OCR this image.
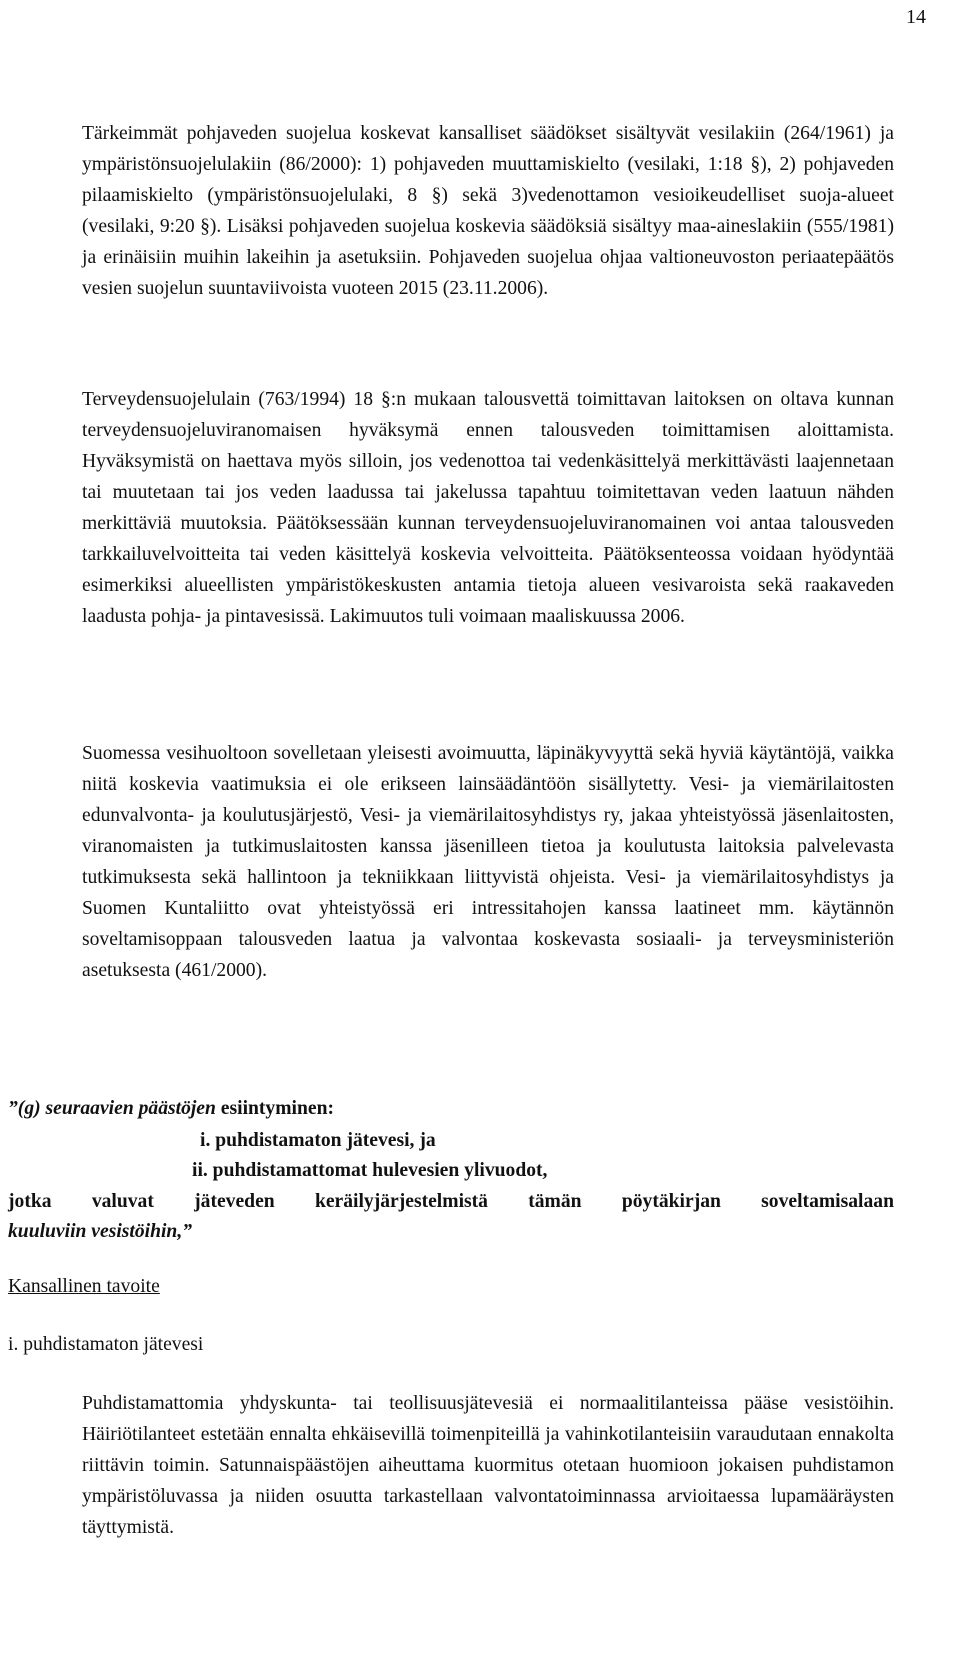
14

Tärkeimmät pohjaveden suojelua koskevat kansalliset säädökset sisältyvät vesilakiin (264/1961) ja ympäristönsuojelulakiin (86/2000): 1) pohjaveden muuttamiskielto (vesilaki, 1:18 §), 2) pohjaveden pilaamiskielto (ympäristönsuojelulaki, 8 §) sekä 3)vedenottamon vesioikeudelliset suoja-alueet (vesilaki, 9:20 §). Lisäksi pohjaveden suojelua koskevia säädöksiä sisältyy maa-aineslakiin (555/1981) ja erinäisiin muihin lakeihin ja asetuksiin. Pohjaveden suojelua ohjaa valtioneuvoston periaatepäätös vesien suojelun suuntaviivoista vuoteen 2015 (23.11.2006).

Terveydensuojelulain (763/1994) 18 §:n mukaan talousvettä toimittavan laitoksen on oltava kunnan terveydensuojeluviranomaisen hyväksymä ennen talousveden toimittamisen aloittamista. Hyväksymistä on haettava myös silloin, jos vedenottoa tai vedenkäsittelyä merkittävästi laajennetaan tai muutetaan tai jos veden laadussa tai jakelussa tapahtuu toimitettavan veden laatuun nähden merkittäviä muutoksia. Päätöksessään kunnan terveydensuojeluviranomainen voi antaa talousveden tarkkailuvelvoitteita tai veden käsittelyä koskevia velvoitteita. Päätöksenteossa voidaan hyödyntää esimerkiksi alueellisten ympäristökeskusten antamia tietoja alueen vesivaroista sekä raakaveden laadusta pohja- ja pintavesissä. Lakimuutos tuli voimaan maaliskuussa 2006.

Suomessa vesihuoltoon sovelletaan yleisesti avoimuutta, läpinäkyvyyttä sekä hyviä käytäntöjä, vaikka niitä koskevia vaatimuksia ei ole erikseen lainsäädäntöön sisällytetty. Vesi- ja viemärilaitosten edunvalvonta- ja koulutusjärjestö, Vesi- ja viemärilaitosyhdistys ry, jakaa yhteistyössä jäsenlaitosten, viranomaisten ja tutkimuslaitosten kanssa jäsenilleen tietoa ja koulutusta laitoksia palvelevasta tutkimuksesta sekä hallintoon ja tekniikkaan liittyvistä ohjeista. Vesi- ja viemärilaitosyhdistys ja Suomen Kuntaliitto ovat yhteistyössä eri intressitahojen kanssa laatineet mm. käytännön soveltamisoppaan talousveden laatua ja valvontaa koskevasta sosiaali- ja terveysministeriön asetuksesta (461/2000).

”(g) seuraavien päästöjen esiintyminen:
i. puhdistamaton jätevesi, ja
ii. puhdistamattomat hulevesien ylivuodot,
jotka valuvat jäteveden keräilyjärjestelmistä tämän pöytäkirjan soveltamisalaan
kuuluviin vesistöihin,”
Kansallinen tavoite
i. puhdistamaton jätevesi

Puhdistamattomia yhdyskunta- tai teollisuusjätevesiä ei normaalitilanteissa pääse vesistöihin. Häiriötilanteet estetään ennalta ehkäisevillä toimenpiteillä ja vahinkotilanteisiin varaudutaan ennakolta riittävin toimin. Satunnaispäästöjen aiheuttama kuormitus otetaan huomioon jokaisen puhdistamon ympäristöluvassa ja niiden osuutta tarkastellaan valvontatoiminnassa arvioitaessa lupamääräysten täyttymistä.
